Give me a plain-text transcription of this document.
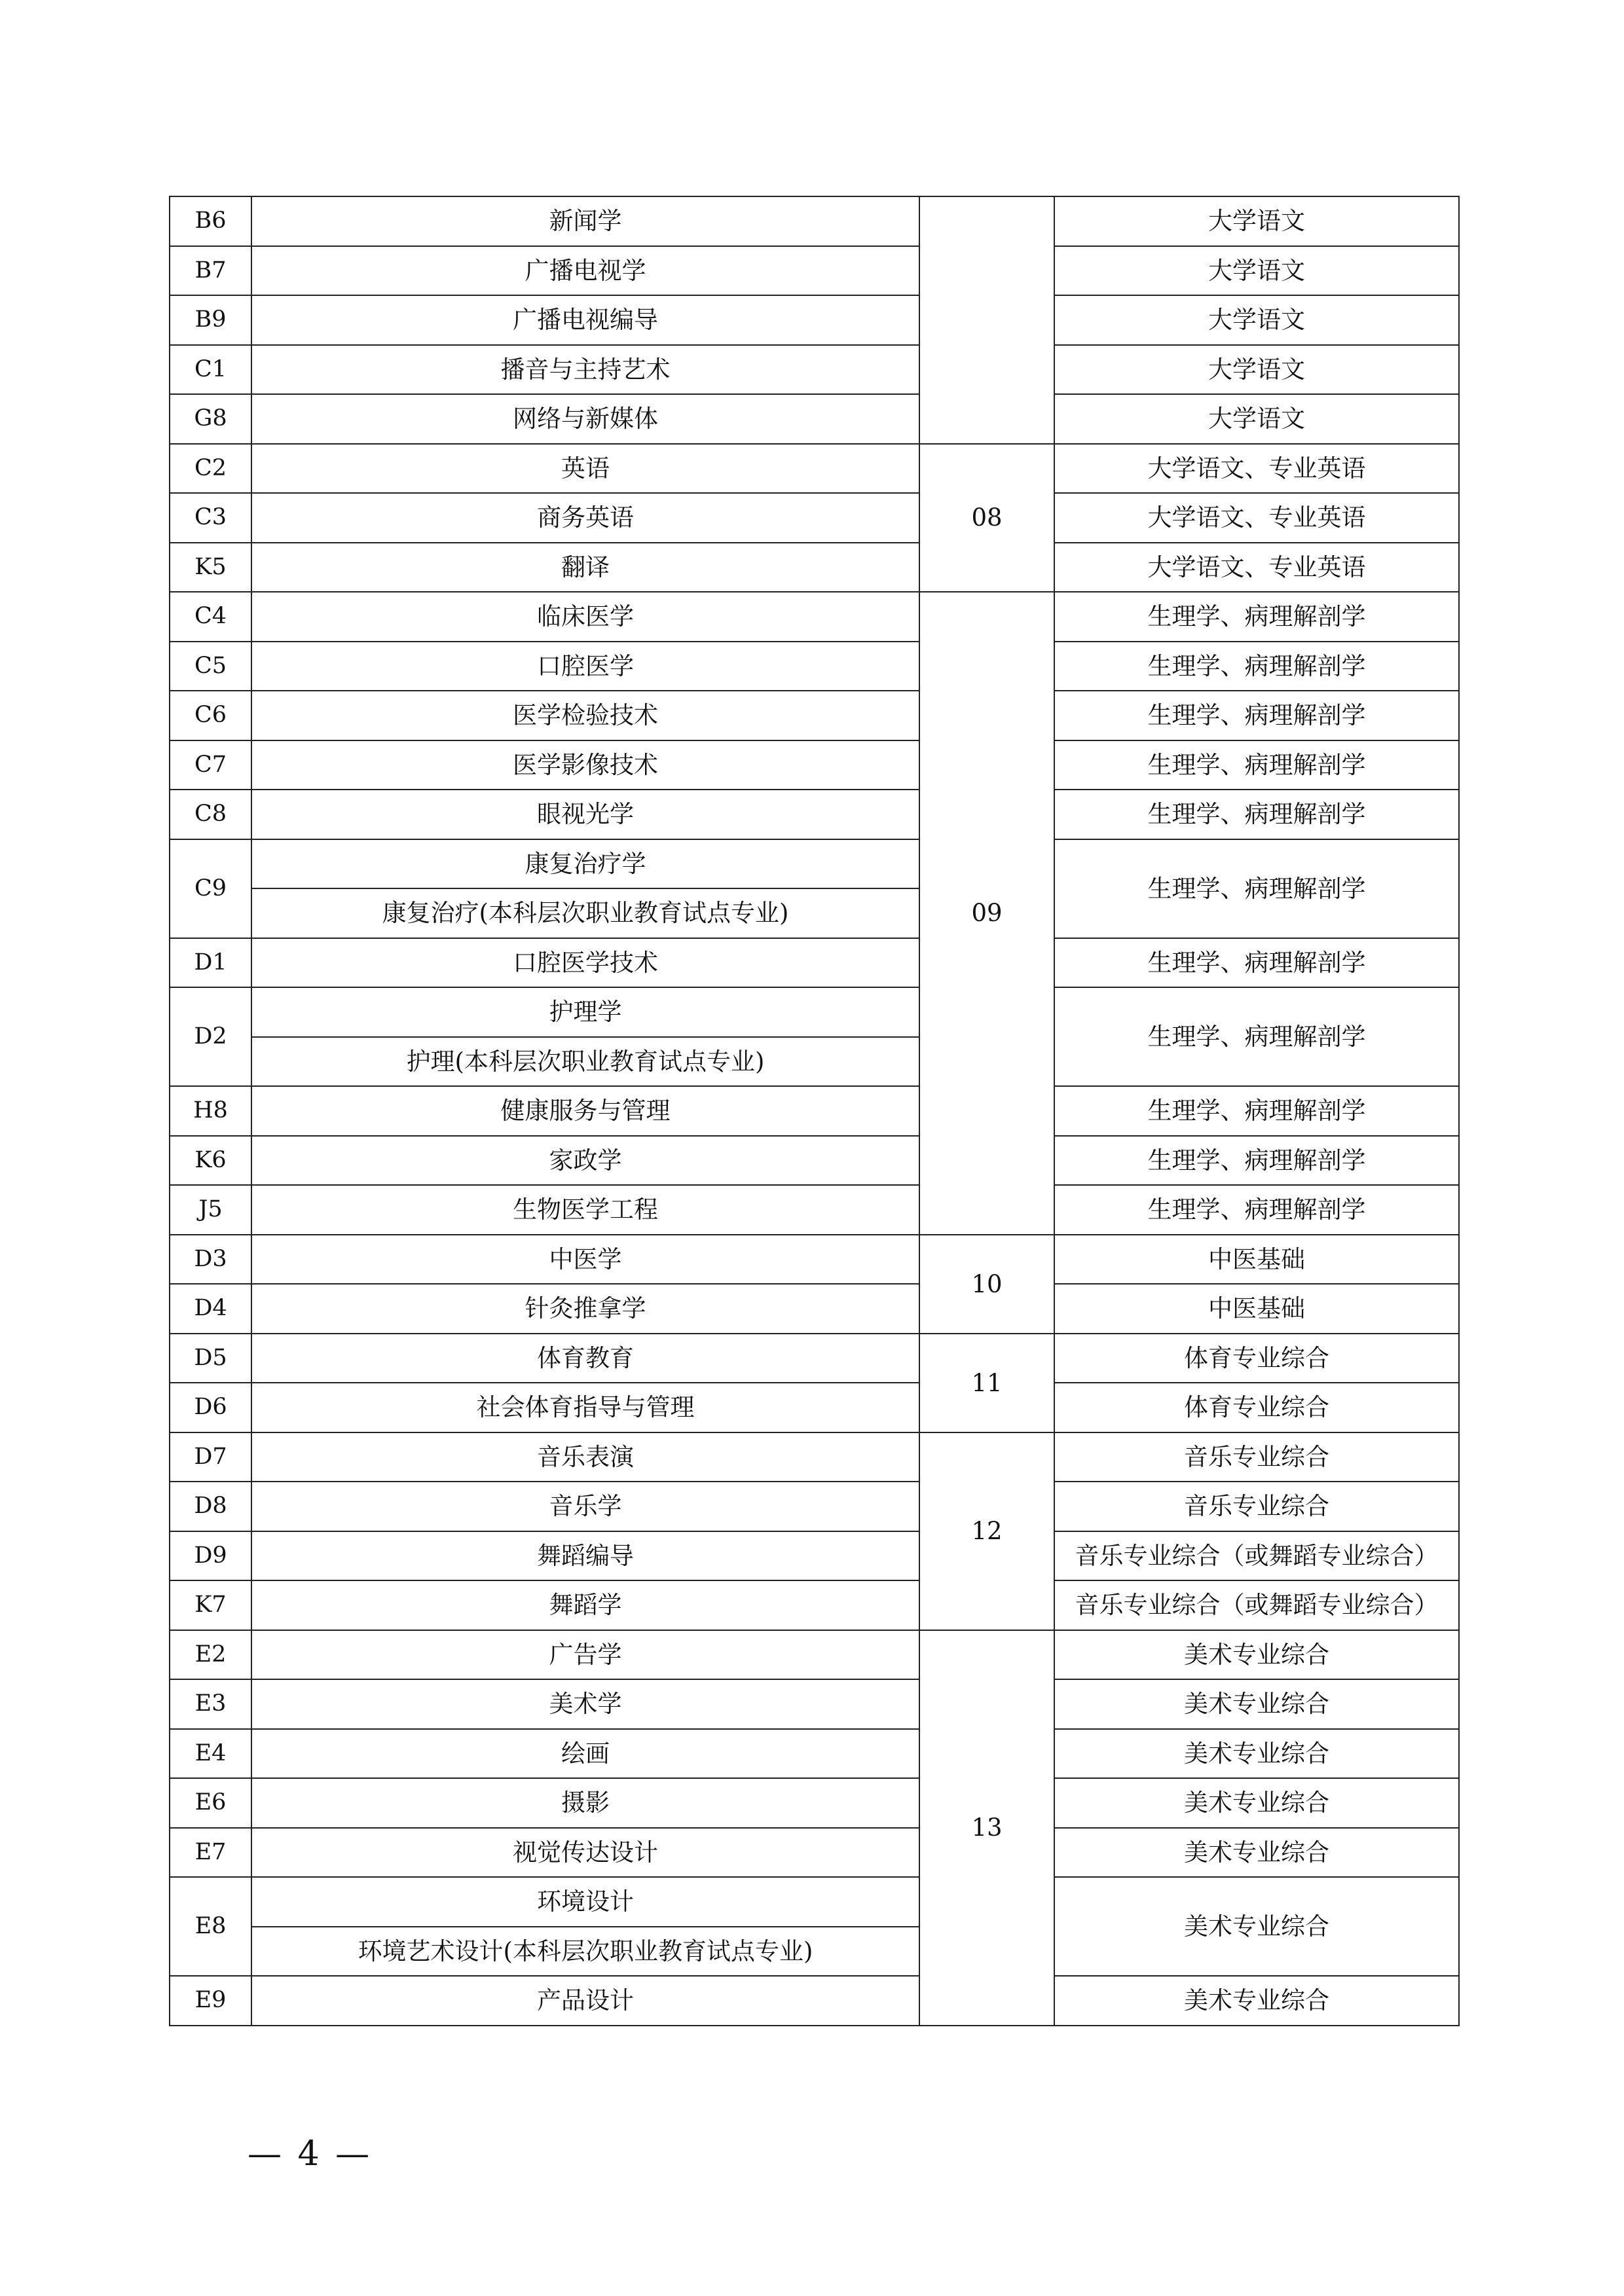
B6	新闻学		大学语文
B7	广播电视学		大学语文
B9	广播电视编导		大学语文
C1	播音与主持艺术		大学语文
G8	网络与新媒体		大学语文
C2	英语	08	大学语文、专业英语
C3	商务英语		大学语文、专业英语
K5	翻译		大学语文、专业英语
C4	临床医学	09	生理学、病理解剖学
C5	口腔医学		生理学、病理解剖学
C6	医学检验技术		生理学、病理解剖学
C7	医学影像技术		生理学、病理解剖学
C8	眼视光学		生理学、病理解剖学
C9	康复治疗学		生理学、病理解剖学
	康复治疗(本科层次职业教育试点专业)		
D1	口腔医学技术		生理学、病理解剖学
D2	护理学		生理学、病理解剖学
	护理(本科层次职业教育试点专业)		
H8	健康服务与管理		生理学、病理解剖学
K6	家政学		生理学、病理解剖学
J5	生物医学工程		生理学、病理解剖学
D3	中医学	10	中医基础
D4	针灸推拿学		中医基础
D5	体育教育	11	体育专业综合
D6	社会体育指导与管理		体育专业综合
D7	音乐表演	12	音乐专业综合
D8	音乐学		音乐专业综合
D9	舞蹈编导		音乐专业综合（或舞蹈专业综合）
K7	舞蹈学		音乐专业综合（或舞蹈专业综合）
E2	广告学	13	美术专业综合
E3	美术学		美术专业综合
E4	绘画		美术专业综合
E6	摄影		美术专业综合
E7	视觉传达设计		美术专业综合
E8	环境设计		美术专业综合
	环境艺术设计(本科层次职业教育试点专业)		
E9	产品设计		美术专业综合
— 4 —
